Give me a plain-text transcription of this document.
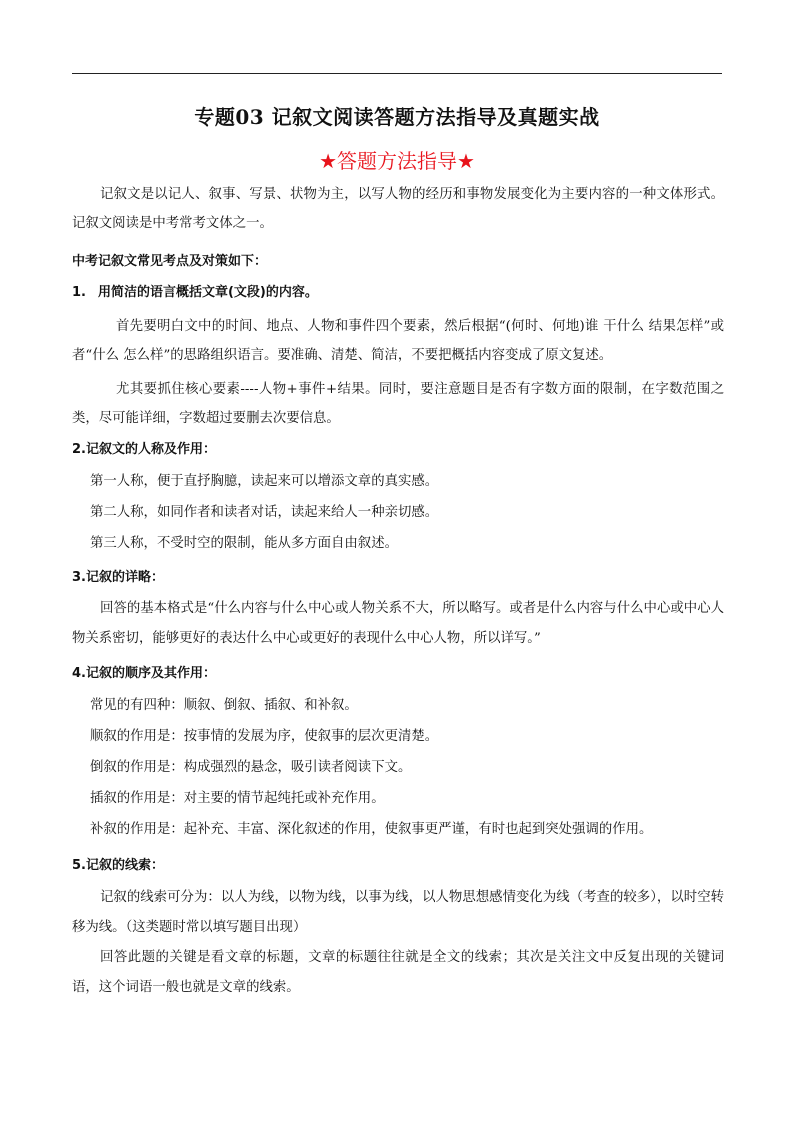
专题03 记叙文阅读答题方法指导及真题实战
★答题方法指导★

记叙文是以记人、叙事、写景、状物为主，以写人物的经历和事物发展变化为主要内容的一种文体形式。记叙文阅读是中考常考文体之一。

中考记叙文常见考点及对策如下：

1. 用简洁的语言概括文章(文段)的内容。

首先要明白文中的时间、地点、人物和事件四个要素，然后根据“(何时、何地)谁 干什么 结果怎样”或者“什么 怎么样”的思路组织语言。要准确、清楚、简洁，不要把概括内容变成了原文复述。

尤其要抓住核心要素----人物+事件+结果。同时，要注意题目是否有字数方面的限制，在字数范围之类，尽可能详细，字数超过要删去次要信息。

2.记叙文的人称及作用：

第一人称，便于直抒胸臆，读起来可以增添文章的真实感。

第二人称，如同作者和读者对话，读起来给人一种亲切感。

第三人称，不受时空的限制，能从多方面自由叙述。

3.记叙的详略：

回答的基本格式是“什么内容与什么中心或人物关系不大，所以略写。或者是什么内容与什么中心或中心人物关系密切，能够更好的表达什么中心或更好的表现什么中心人物，所以详写。”

4.记叙的顺序及其作用：

常见的有四种：顺叙、倒叙、插叙、和补叙。

顺叙的作用是：按事情的发展为序，使叙事的层次更清楚。

倒叙的作用是：构成强烈的悬念，吸引读者阅读下文。

插叙的作用是：对主要的情节起纯托或补充作用。

补叙的作用是：起补充、丰富、深化叙述的作用，使叙事更严谨，有时也起到突处强调的作用。

5.记叙的线索：

记叙的线索可分为：以人为线，以物为线，以事为线，以人物思想感情变化为线（考查的较多），以时空转移为线。（这类题时常以填写题目出现）

回答此题的关键是看文章的标题，文章的标题往往就是全文的线索；其次是关注文中反复出现的关键词语，这个词语一般也就是文章的线索。
